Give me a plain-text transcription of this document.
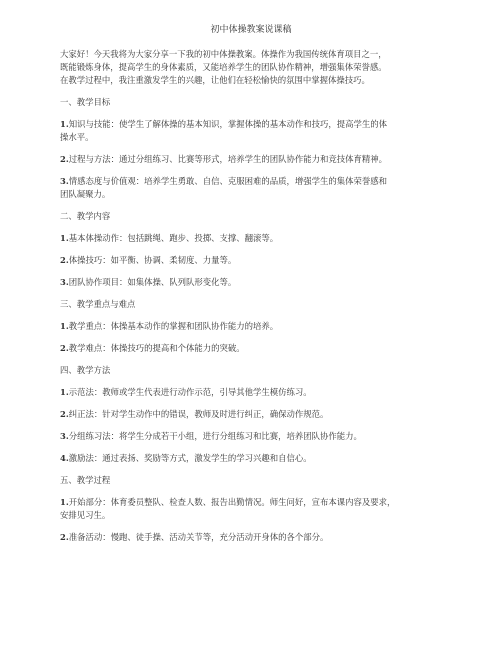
初中体操教案说课稿

大家好！今天我将为大家分享一下我的初中体操教案。体操作为我国传统体育项目之一，

既能锻炼身体，提高学生的身体素质，又能培养学生的团队协作精神，增强集体荣誉感。

在教学过程中，我注重激发学生的兴趣，让他们在轻松愉快的氛围中掌握体操技巧。

一、教学目标

1.知识与技能：使学生了解体操的基本知识，掌握体操的基本动作和技巧，提高学生的体

操水平。

2.过程与方法：通过分组练习、比赛等形式，培养学生的团队协作能力和竞技体育精神。

3.情感态度与价值观：培养学生勇敢、自信、克服困难的品质，增强学生的集体荣誉感和

团队凝聚力。

二、教学内容

1.基本体操动作：包括跳绳、跑步、投掷、支撑、翻滚等。

2.体操技巧：如平衡、协调、柔韧度、力量等。

3.团队协作项目：如集体操、队列队形变化等。

三、教学重点与难点

1.教学重点：体操基本动作的掌握和团队协作能力的培养。

2.教学难点：体操技巧的提高和个体能力的突破。

四、教学方法

1.示范法：教师或学生代表进行动作示范，引导其他学生模仿练习。

2.纠正法：针对学生动作中的错误，教师及时进行纠正，确保动作规范。

3.分组练习法：将学生分成若干小组，进行分组练习和比赛，培养团队协作能力。

4.激励法：通过表扬、奖励等方式，激发学生的学习兴趣和自信心。

五、教学过程

1.开始部分：体育委员整队、检查人数、报告出勤情况。师生问好，宣布本课内容及要求，

安排见习生。

2.准备活动：慢跑、徒手操、活动关节等，充分活动开身体的各个部分。
